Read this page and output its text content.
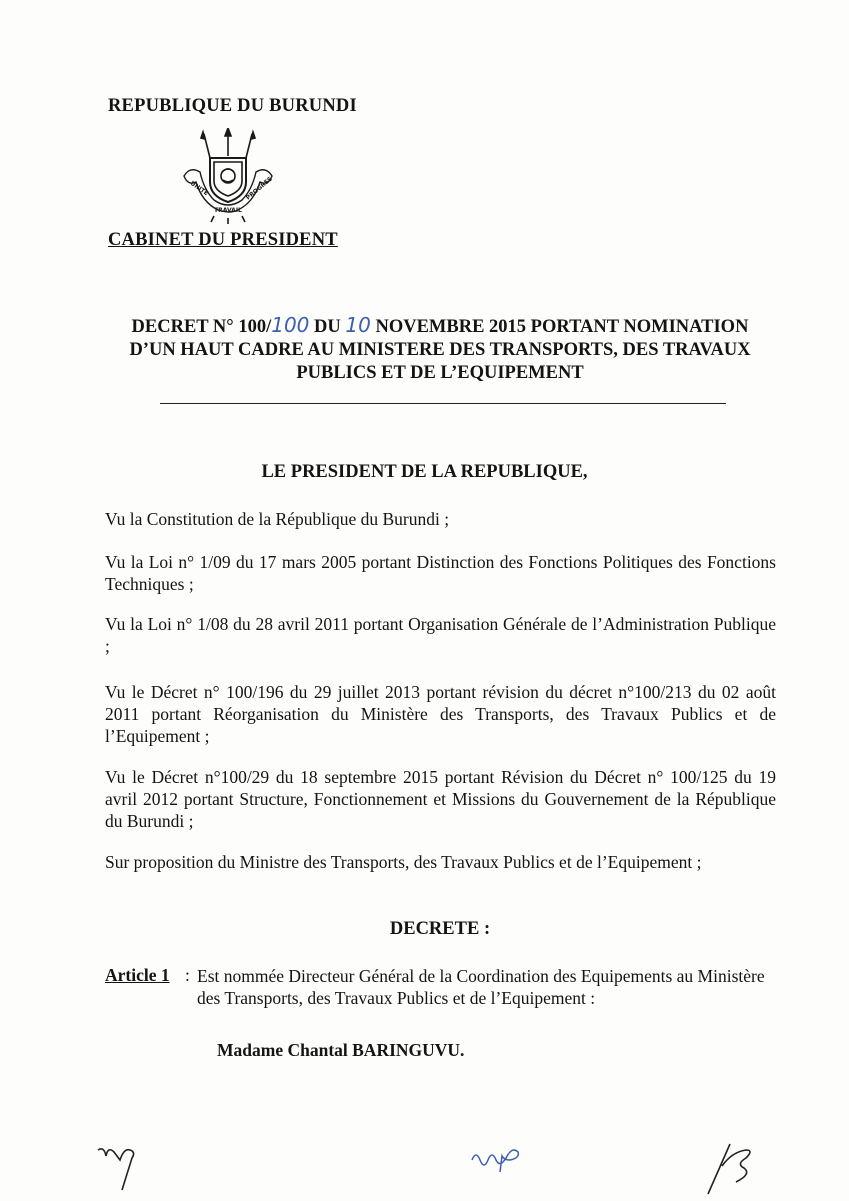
REPUBLIQUE DU BURUNDI
UNITE
TRAVAIL
PROGRES
CABINET DU PRESIDENT
DECRET N° 100/100 DU 10 NOVEMBRE 2015 PORTANT NOMINATION
D’UN HAUT CADRE AU MINISTERE DES TRANSPORTS, DES TRAVAUX
PUBLICS ET DE L’EQUIPEMENT
LE PRESIDENT DE LA REPUBLIQUE,
Vu la Constitution de la République du Burundi ;
Vu la Loi n° 1/09 du 17 mars 2005 portant Distinction des Fonctions Politiques des Fonctions Techniques ;
Vu la Loi n° 1/08 du 28 avril 2011 portant Organisation Générale de l’Administration Publique ;
Vu le Décret n° 100/196 du 29 juillet 2013 portant révision du décret n°100/213 du 02 août 2011 portant Réorganisation du Ministère des Transports, des Travaux Publics et de l’Equipement ;
Vu le Décret n°100/29 du 18 septembre 2015 portant Révision du Décret n° 100/125 du 19 avril 2012 portant Structure, Fonctionnement et Missions du Gouvernement de la République du Burundi ;
Sur proposition du Ministre des Transports, des Travaux Publics et de l’Equipement ;
DECRETE :
Article 1 : Est nommée Directeur Général de la Coordination des Equipements au Ministère des Transports, des Travaux Publics et de l’Equipement :
Madame Chantal BARINGUVU.
